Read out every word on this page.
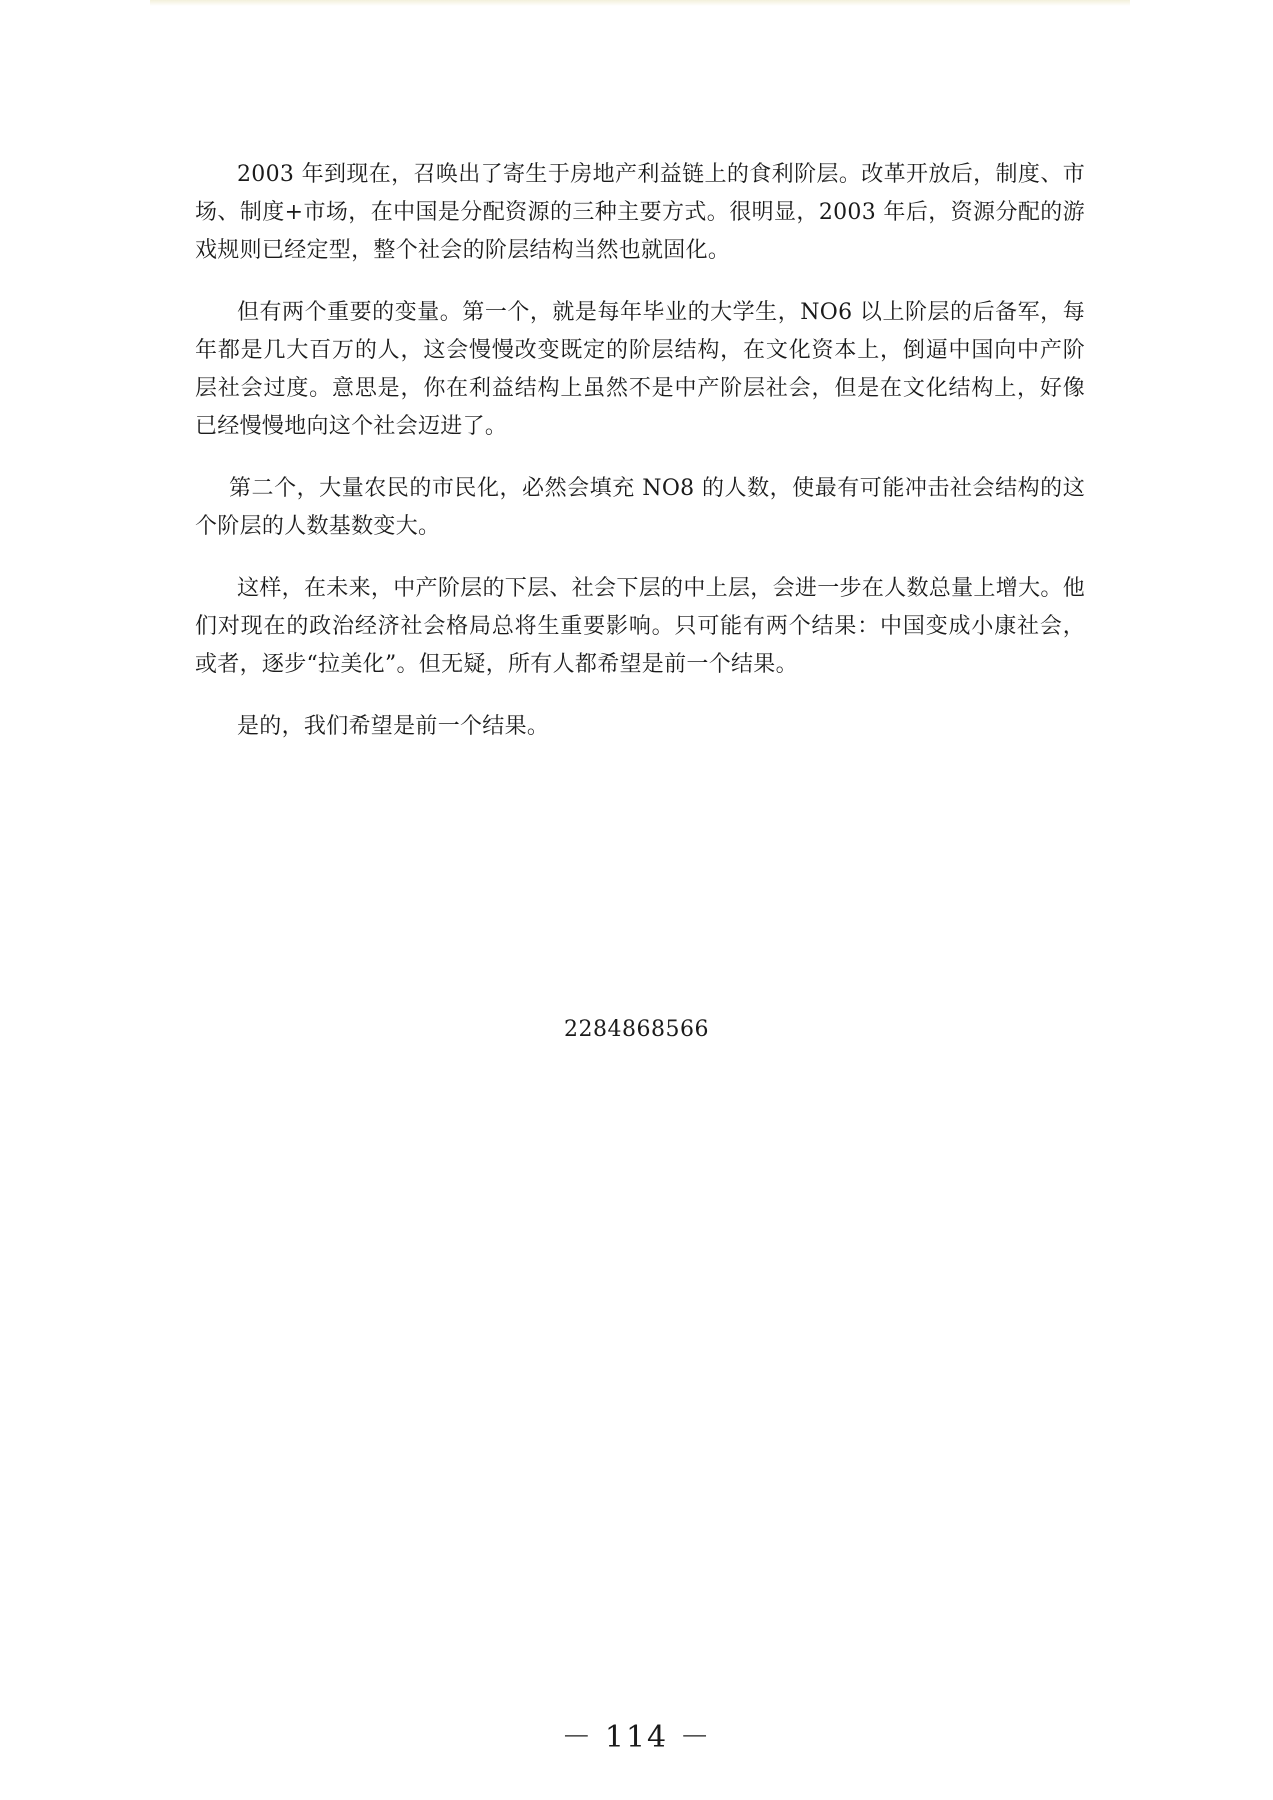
2003 年到现在，召唤出了寄生于房地产利益链上的食利阶层。改革开放后，制度、市场、制度+市场，在中国是分配资源的三种主要方式。很明显，2003 年后，资源分配的游戏规则已经定型，整个社会的阶层结构当然也就固化。

但有两个重要的变量。第一个，就是每年毕业的大学生，NO6 以上阶层的后备军，每年都是几大百万的人，这会慢慢改变既定的阶层结构，在文化资本上，倒逼中国向中产阶层社会过度。意思是，你在利益结构上虽然不是中产阶层社会，但是在文化结构上，好像已经慢慢地向这个社会迈进了。

第二个，大量农民的市民化，必然会填充 NO8 的人数，使最有可能冲击社会结构的这个阶层的人数基数变大。

这样，在未来，中产阶层的下层、社会下层的中上层，会进一步在人数总量上增大。他们对现在的政治经济社会格局总将生重要影响。只可能有两个结果：中国变成小康社会，或者，逐步“拉美化”。但无疑，所有人都希望是前一个结果。

是的，我们希望是前一个结果。

2284868566
－ 114 －
